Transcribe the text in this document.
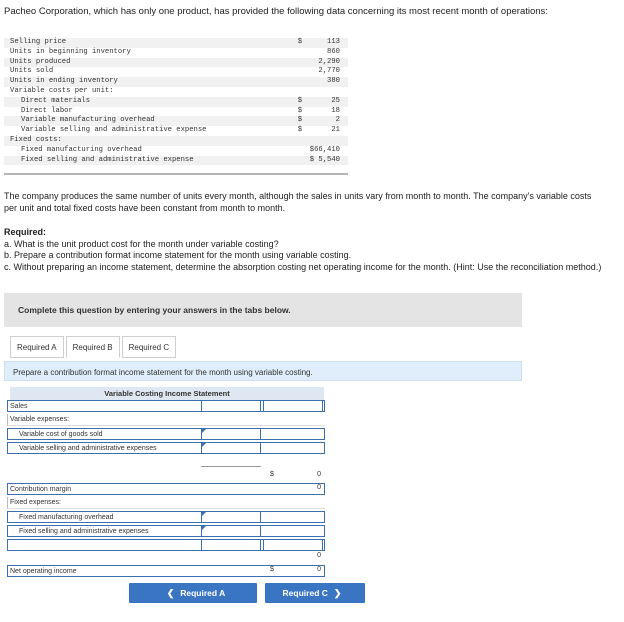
Pacheo Corporation, which has only one product, has provided the following data concerning its most recent month of operations:
Selling price	$	113
Units in beginning inventory		860
Units produced		2,290
Units sold		2,770
Units in ending inventory		380
Variable costs per unit:		
Direct materials	$	25
Direct labor	$	18
Variable manufacturing overhead	$	2
Variable selling and administrative expense	$	21
Fixed costs:		
Fixed manufacturing overhead		$66,410
Fixed selling and administrative expense		$ 5,540
The company produces the same number of units every month, although the sales in units vary from month to month. The company's variable costs per unit and total fixed costs have been constant from month to month.
Required:
a. What is the unit product cost for the month under variable costing?
b. Prepare a contribution format income statement for the month using variable costing.
c. Without preparing an income statement, determine the absorption costing net operating income for the month. (Hint: Use the reconciliation method.)
Complete this question by entering your answers in the tabs below.
Required A	Required B	Required C
Prepare a contribution format income statement for the month using variable costing.
Variable Costing Income Statement
Sales
Variable expenses:
Variable cost of goods sold
Variable selling and administrative expenses
$	0
0
Contribution margin
Fixed expenses:
Fixed manufacturing overhead
Fixed selling and administrative expenses
0
Net operating income	$	0
❮ Required A	Required C ❯
